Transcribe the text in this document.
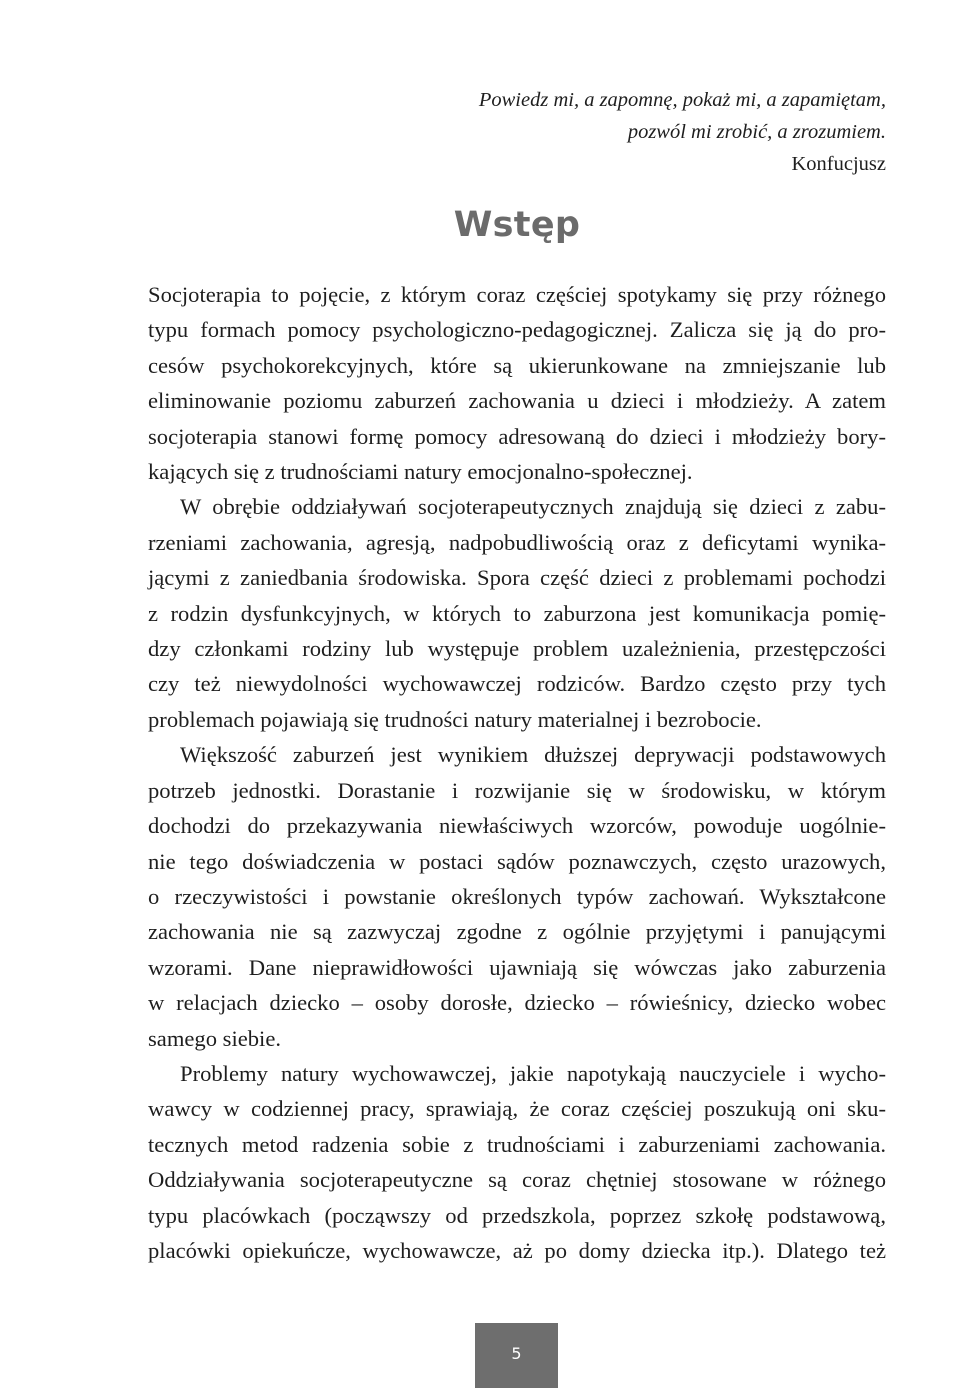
Powiedz mi, a zapomnę, pokaż mi, a zapamiętam,
pozwól mi zrobić, a zrozumiem.
Konfucjusz
Wstęp
Socjoterapia to pojęcie, z którym coraz częściej spotykamy się przy różnego
typu formach pomocy psychologiczno-pedagogicznej. Zalicza się ją do pro-
cesów psychokorekcyjnych, które są ukierunkowane na zmniejszanie lub
eliminowanie poziomu zaburzeń zachowania u dzieci i młodzieży. A zatem
socjoterapia stanowi formę pomocy adresowaną do dzieci i młodzieży bory-
kających się z trudnościami natury emocjonalno-społecznej.
W obrębie oddziaływań socjoterapeutycznych znajdują się dzieci z zabu-
rzeniami zachowania, agresją, nadpobudliwością oraz z deficytami wynika-
jącymi z zaniedbania środowiska. Spora część dzieci z problemami pochodzi
z rodzin dysfunkcyjnych, w których to zaburzona jest komunikacja pomię-
dzy członkami rodziny lub występuje problem uzależnienia, przestępczości
czy też niewydolności wychowawczej rodziców. Bardzo często przy tych
problemach pojawiają się trudności natury materialnej i bezrobocie.
Większość zaburzeń jest wynikiem dłuższej deprywacji podstawowych
potrzeb jednostki. Dorastanie i rozwijanie się w środowisku, w którym
dochodzi do przekazywania niewłaściwych wzorców, powoduje uogólnie-
nie tego doświadczenia w postaci sądów poznawczych, często urazowych,
o rzeczywistości i powstanie określonych typów zachowań. Wykształcone
zachowania nie są zazwyczaj zgodne z ogólnie przyjętymi i panującymi
wzorami. Dane nieprawidłowości ujawniają się wówczas jako zaburzenia
w relacjach dziecko – osoby dorosłe, dziecko – rówieśnicy, dziecko wobec
samego siebie.
Problemy natury wychowawczej, jakie napotykają nauczyciele i wycho-
wawcy w codziennej pracy, sprawiają, że coraz częściej poszukują oni sku-
tecznych metod radzenia sobie z trudnościami i zaburzeniami zachowania.
Oddziaływania socjoterapeutyczne są coraz chętniej stosowane w różnego
typu placówkach (począwszy od przedszkola, poprzez szkołę podstawową,
placówki opiekuńcze, wychowawcze, aż po domy dziecka itp.). Dlatego też
5
